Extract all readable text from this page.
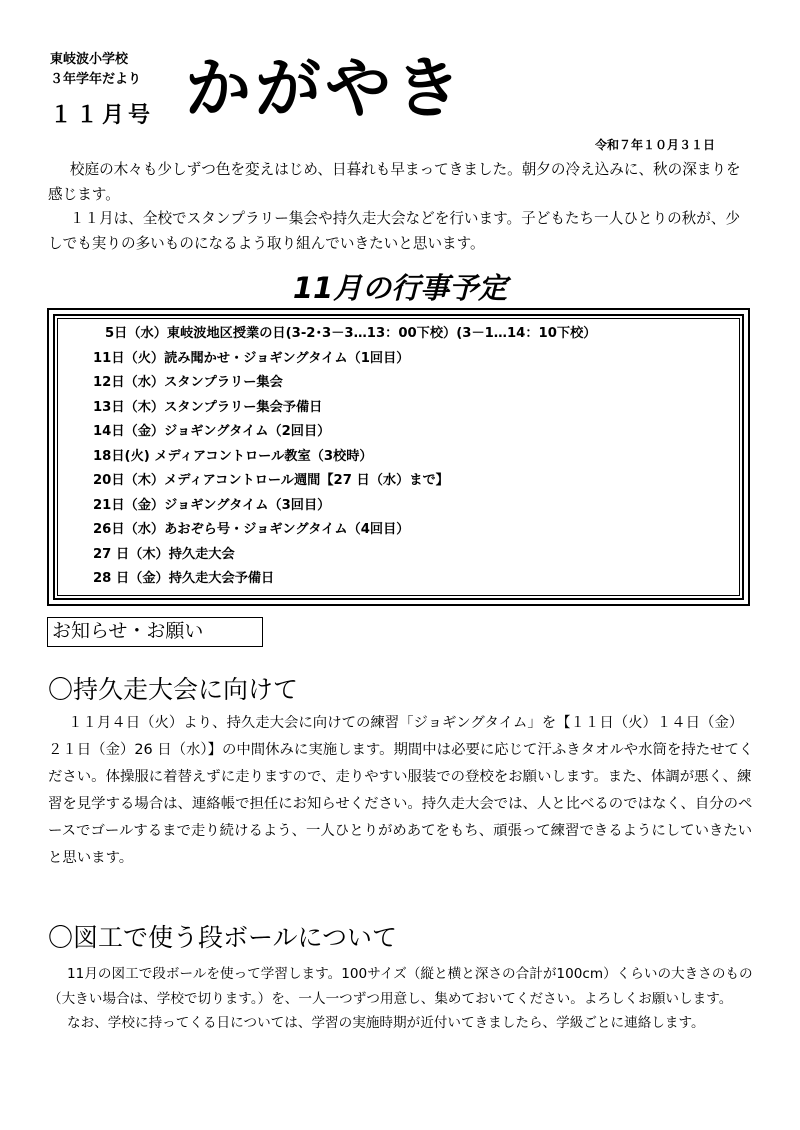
東岐波小学校
３年学年だより
１１月号 かがやき
令和７年１０月３１日

校庭の木々も少しずつ色を変えはじめ、日暮れも早まってきました。朝夕の冷え込みに、秋の深まりを感じます。

１１月は、全校でスタンプラリー集会や持久走大会などを行います。子どもたち一人ひとりの秋が、少しでも実りの多いものになるよう取り組んでいきたいと思います。

11月の行事予定
5日（水）東岐波地区授業の日(3-2･3－3…13：00下校）(3－1…14：10下校）
11日（火）読み聞かせ・ジョギングタイム（1回目）
12日（水）スタンプラリー集会
13日（木）スタンプラリー集会予備日
14日（金）ジョギングタイム（2回目）
18日(火) メディアコントロール教室（3校時）
20日（木）メディアコントロール週間【27 日（水）まで】
21日（金）ジョギングタイム（3回目）
26日（水）あおぞら号・ジョギングタイム（4回目）
27 日（木）持久走大会
28 日（金）持久走大会予備日
お知らせ・お願い
〇持久走大会に向けて

１１月４日（火）より、持久走大会に向けての練習「ジョギングタイム」を【１１日（火）１４日（金）２１日（金）26 日（水）】の中間休みに実施します。期間中は必要に応じて汗ふきタオルや水筒を持たせてください。体操服に着替えずに走りますので、走りやすい服装での登校をお願いします。また、体調が悪く、練習を見学する場合は、連絡帳で担任にお知らせください。持久走大会では、人と比べるのではなく、自分のペースでゴールするまで走り続けるよう、一人ひとりがめあてをもち、頑張って練習できるようにしていきたいと思います。

〇図工で使う段ボールについて

11月の図工で段ボールを使って学習します。100サイズ（縦と横と深さの合計が100cm）くらいの大きさのもの（大きい場合は、学校で切ります。）を、一人一つずつ用意し、集めておいてください。よろしくお願いします。

なお、学校に持ってくる日については、学習の実施時期が近付いてきましたら、学級ごとに連絡します。
